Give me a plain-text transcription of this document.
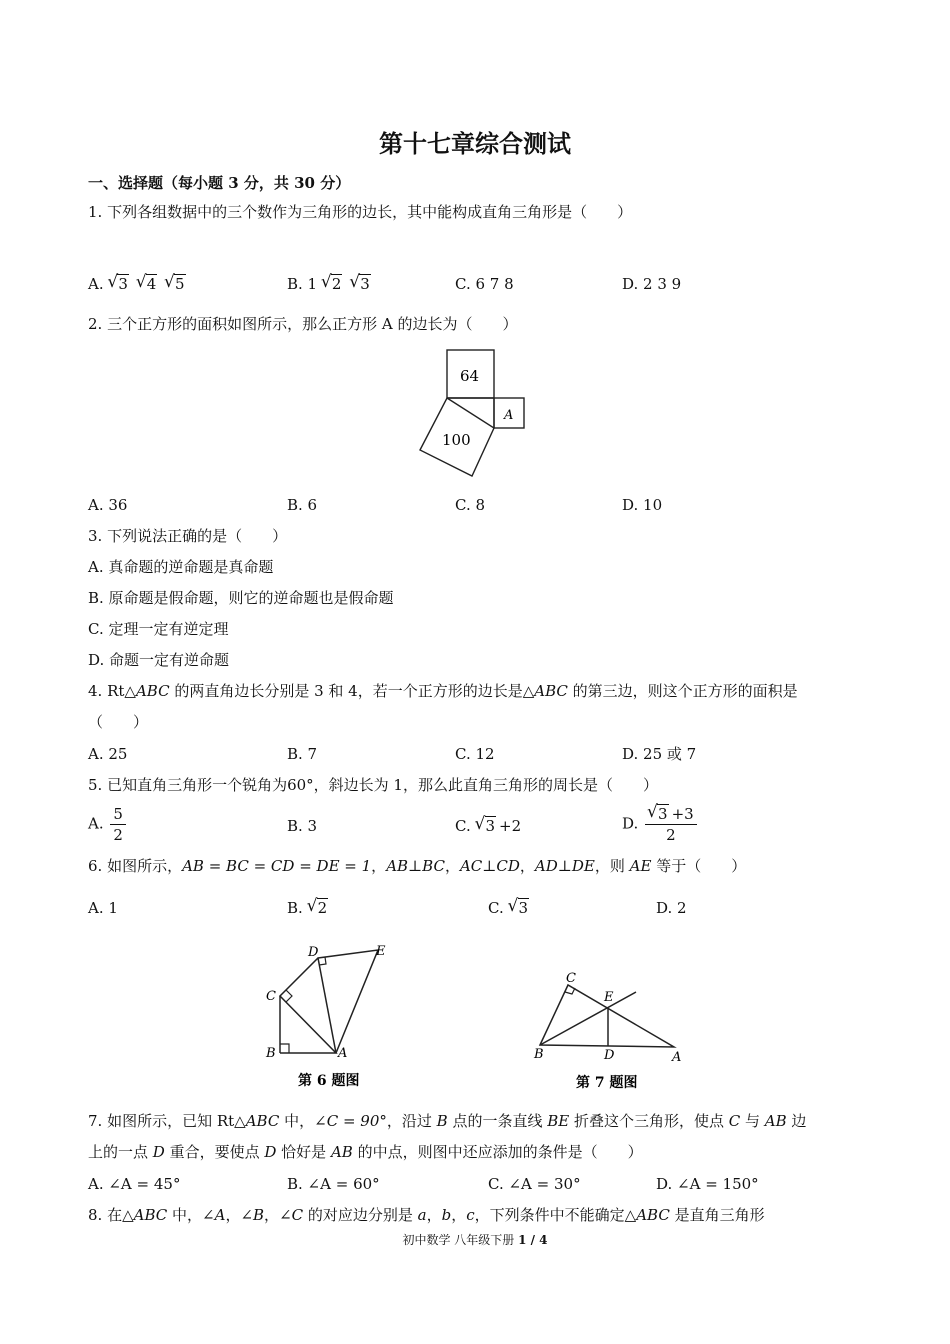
第十七章综合测试
一、选择题（每小题 3 分，共 30 分）
1. 下列各组数据中的三个数作为三角形的边长，其中能构成直角三角形是（　　）
A. √ 3 √ 4 √ 5	B. 1 √ 2 √ 3	C. 6 7 8	D. 2 3 9
2. 三个正方形的面积如图所示，那么正方形 A 的边长为（　　）
64
A
100
A. 36	B. 6	C. 8	D. 10
3. 下列说法正确的是（　　）
A. 真命题的逆命题是真命题
B. 原命题是假命题，则它的逆命题也是假命题
C. 定理一定有逆定理
D. 命题一定有逆命题
4. Rt△ABC 的两直角边长分别是 3 和 4，若一个正方形的边长是△ABC 的第三边，则这个正方形的面积是
（　　）
A. 25	B. 7	C. 12	D. 25 或 7
5. 已知直角三角形一个锐角为60°，斜边长为 1，那么此直角三角形的周长是（　　）
A. $\frac{5}{2}$	B. 3	C. √ 3 +2	D. √ $\frac{3 +3}{2}$
6. 如图所示，AB = BC = CD = DE = 1，AB⊥BC，AC⊥CD，AD⊥DE，则 AE 等于（　　）
A. 1	B. √ 2	C. √ 3	D. 2
B	A
C
D	E
第 6 题图
C
E
B	D	A
第 7 题图
7. 如图所示，已知 Rt△ABC 中，∠C = 90°，沿过 B 点的一条直线 BE 折叠这个三角形，使点 C 与 AB 边
上的一点 D 重合，要使点 D 恰好是 AB 的中点，则图中还应添加的条件是（　　）
A. ∠A = 45°	B. ∠A = 60°	C. ∠A = 30°	D. ∠A = 150°
8. 在△ABC 中，∠A，∠B，∠C 的对应边分别是 a，b，c，下列条件中不能确定△ABC 是直角三角形
初中数学 八年级下册 1 / 4
